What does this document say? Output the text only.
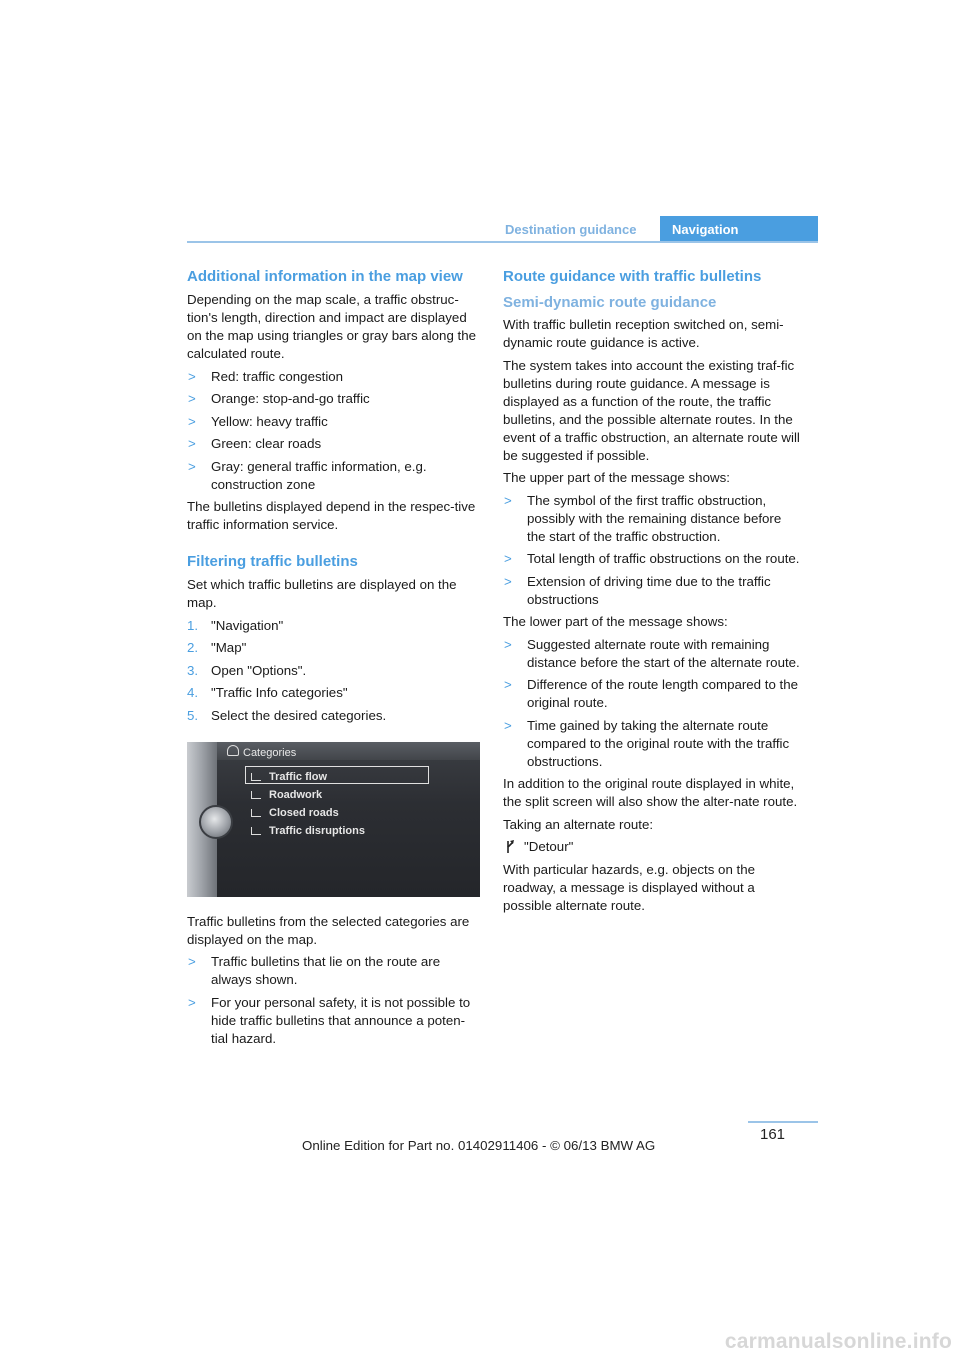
Destination guidance	Navigation
Additional information in the map view

Depending on the map scale, a traffic obstruc-tion's length, direction and impact are displayed on the map using triangles or gray bars along the calculated route.

> Red: traffic congestion
> Orange: stop-and-go traffic
> Yellow: heavy traffic
> Green: clear roads
> Gray: general traffic information, e.g. construction zone

The bulletins displayed depend in the respec-tive traffic information service.

Filtering traffic bulletins

Set which traffic bulletins are displayed on the map.

1. "Navigation"
2. "Map"
3. Open "Options".
4. "Traffic Info categories"
5. Select the desired categories.
Categories
Traffic flow
Roadwork
Closed roads
Traffic disruptions

Traffic bulletins from the selected categories are displayed on the map.

> Traffic bulletins that lie on the route are always shown.
> For your personal safety, it is not possible to hide traffic bulletins that announce a poten-tial hazard.
Route guidance with traffic bulletins
Semi-dynamic route guidance

With traffic bulletin reception switched on, semi-dynamic route guidance is active.

The system takes into account the existing traf-fic bulletins during route guidance. A message is displayed as a function of the route, the traffic bulletins, and the possible alternate routes. In the event of a traffic obstruction, an alternate route will be suggested if possible.

The upper part of the message shows:

> The symbol of the first traffic obstruction, possibly with the remaining distance before the start of the traffic obstruction.
> Total length of traffic obstructions on the route.
> Extension of driving time due to the traffic obstructions

The lower part of the message shows:

> Suggested alternate route with remaining distance before the start of the alternate route.
> Difference of the route length compared to the original route.
> Time gained by taking the alternate route compared to the original route with the traffic obstructions.

In addition to the original route displayed in white, the split screen will also show the alter-nate route.

Taking an alternate route:

"Detour"

With particular hazards, e.g. objects on the roadway, a message is displayed without a possible alternate route.

161
Online Edition for Part no. 01402911406 - © 06/13 BMW AG
carmanualsonline.info
